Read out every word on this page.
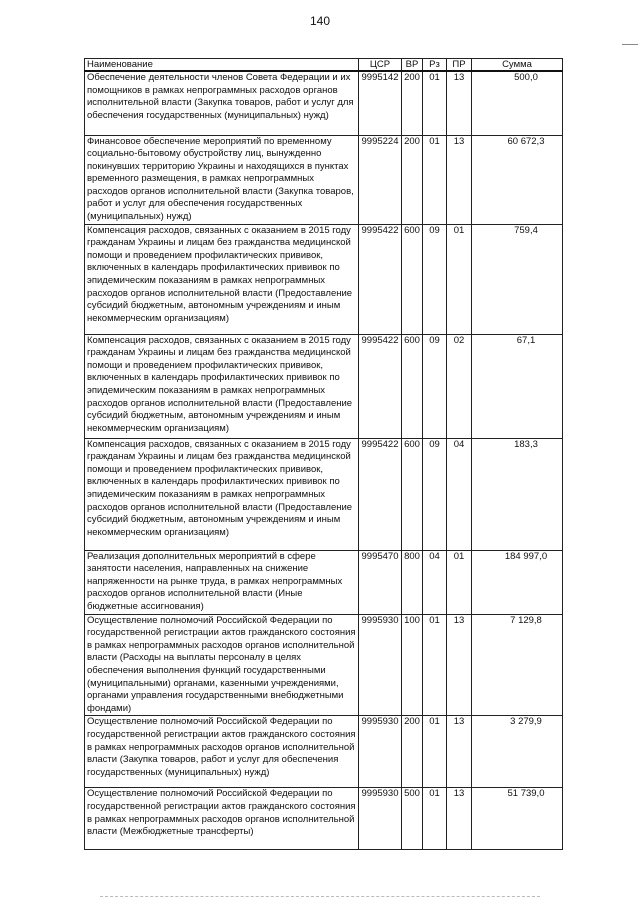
140
Наименование	ЦСР	ВР	Рз	ПР	Сумма
Обеспечение деятельности членов Совета Федерации и их помощников в рамках непрограммных расходов органов исполнительной власти (Закупка товаров, работ и услуг для обеспечения государственных (муниципальных) нужд)	9995142	200	01	13	500,0
Финансовое обеспечение мероприятий по временному социально-бытовому обустройству лиц, вынужденно покинувших территорию Украины и находящихся в пунктах временного размещения, в рамках непрограммных расходов органов исполнительной власти (Закупка товаров, работ и услуг для обеспечения государственных (муниципальных) нужд)	9995224	200	01	13	60 672,3
Компенсация расходов, связанных с оказанием в 2015 году гражданам Украины и лицам без гражданства медицинской помощи и проведением профилактических прививок, включенных в календарь профилактических прививок по эпидемическим показаниям в рамках непрограммных расходов органов исполнительной власти (Предоставление субсидий бюджетным, автономным учреждениям и иным некоммерческим организациям)	9995422	600	09	01	759,4
Компенсация расходов, связанных с оказанием в 2015 году гражданам Украины и лицам без гражданства медицинской помощи и проведением профилактических прививок, включенных в календарь профилактических прививок по эпидемическим показаниям в рамках непрограммных расходов органов исполнительной власти (Предоставление субсидий бюджетным, автономным учреждениям и иным некоммерческим организациям)	9995422	600	09	02	67,1
Компенсация расходов, связанных с оказанием в 2015 году гражданам Украины и лицам без гражданства медицинской помощи и проведением профилактических прививок, включенных в календарь профилактических прививок по эпидемическим показаниям в рамках непрограммных расходов органов исполнительной власти (Предоставление субсидий бюджетным, автономным учреждениям и иным некоммерческим организациям)	9995422	600	09	04	183,3
Реализация дополнительных мероприятий в сфере занятости населения, направленных на снижение напряженности на рынке труда, в рамках непрограммных расходов органов исполнительной власти (Иные бюджетные ассигнования)	9995470	800	04	01	184 997,0
Осуществление полномочий Российской Федерации по государственной регистрации актов гражданского состояния в рамках непрограммных расходов органов исполнительной власти (Расходы на выплаты персоналу в целях обеспечения выполнения функций государственными (муниципальными) органами, казенными учреждениями, органами управления государственными внебюджетными фондами)	9995930	100	01	13	7 129,8
Осуществление полномочий Российской Федерации по государственной регистрации актов гражданского состояния в рамках непрограммных расходов органов исполнительной власти (Закупка товаров, работ и услуг для обеспечения государственных (муниципальных) нужд)	9995930	200	01	13	3 279,9
Осуществление полномочий Российской Федерации по государственной регистрации актов гражданского состояния в рамках непрограммных расходов органов исполнительной власти (Межбюджетные трансферты)	9995930	500	01	13	51 739,0
